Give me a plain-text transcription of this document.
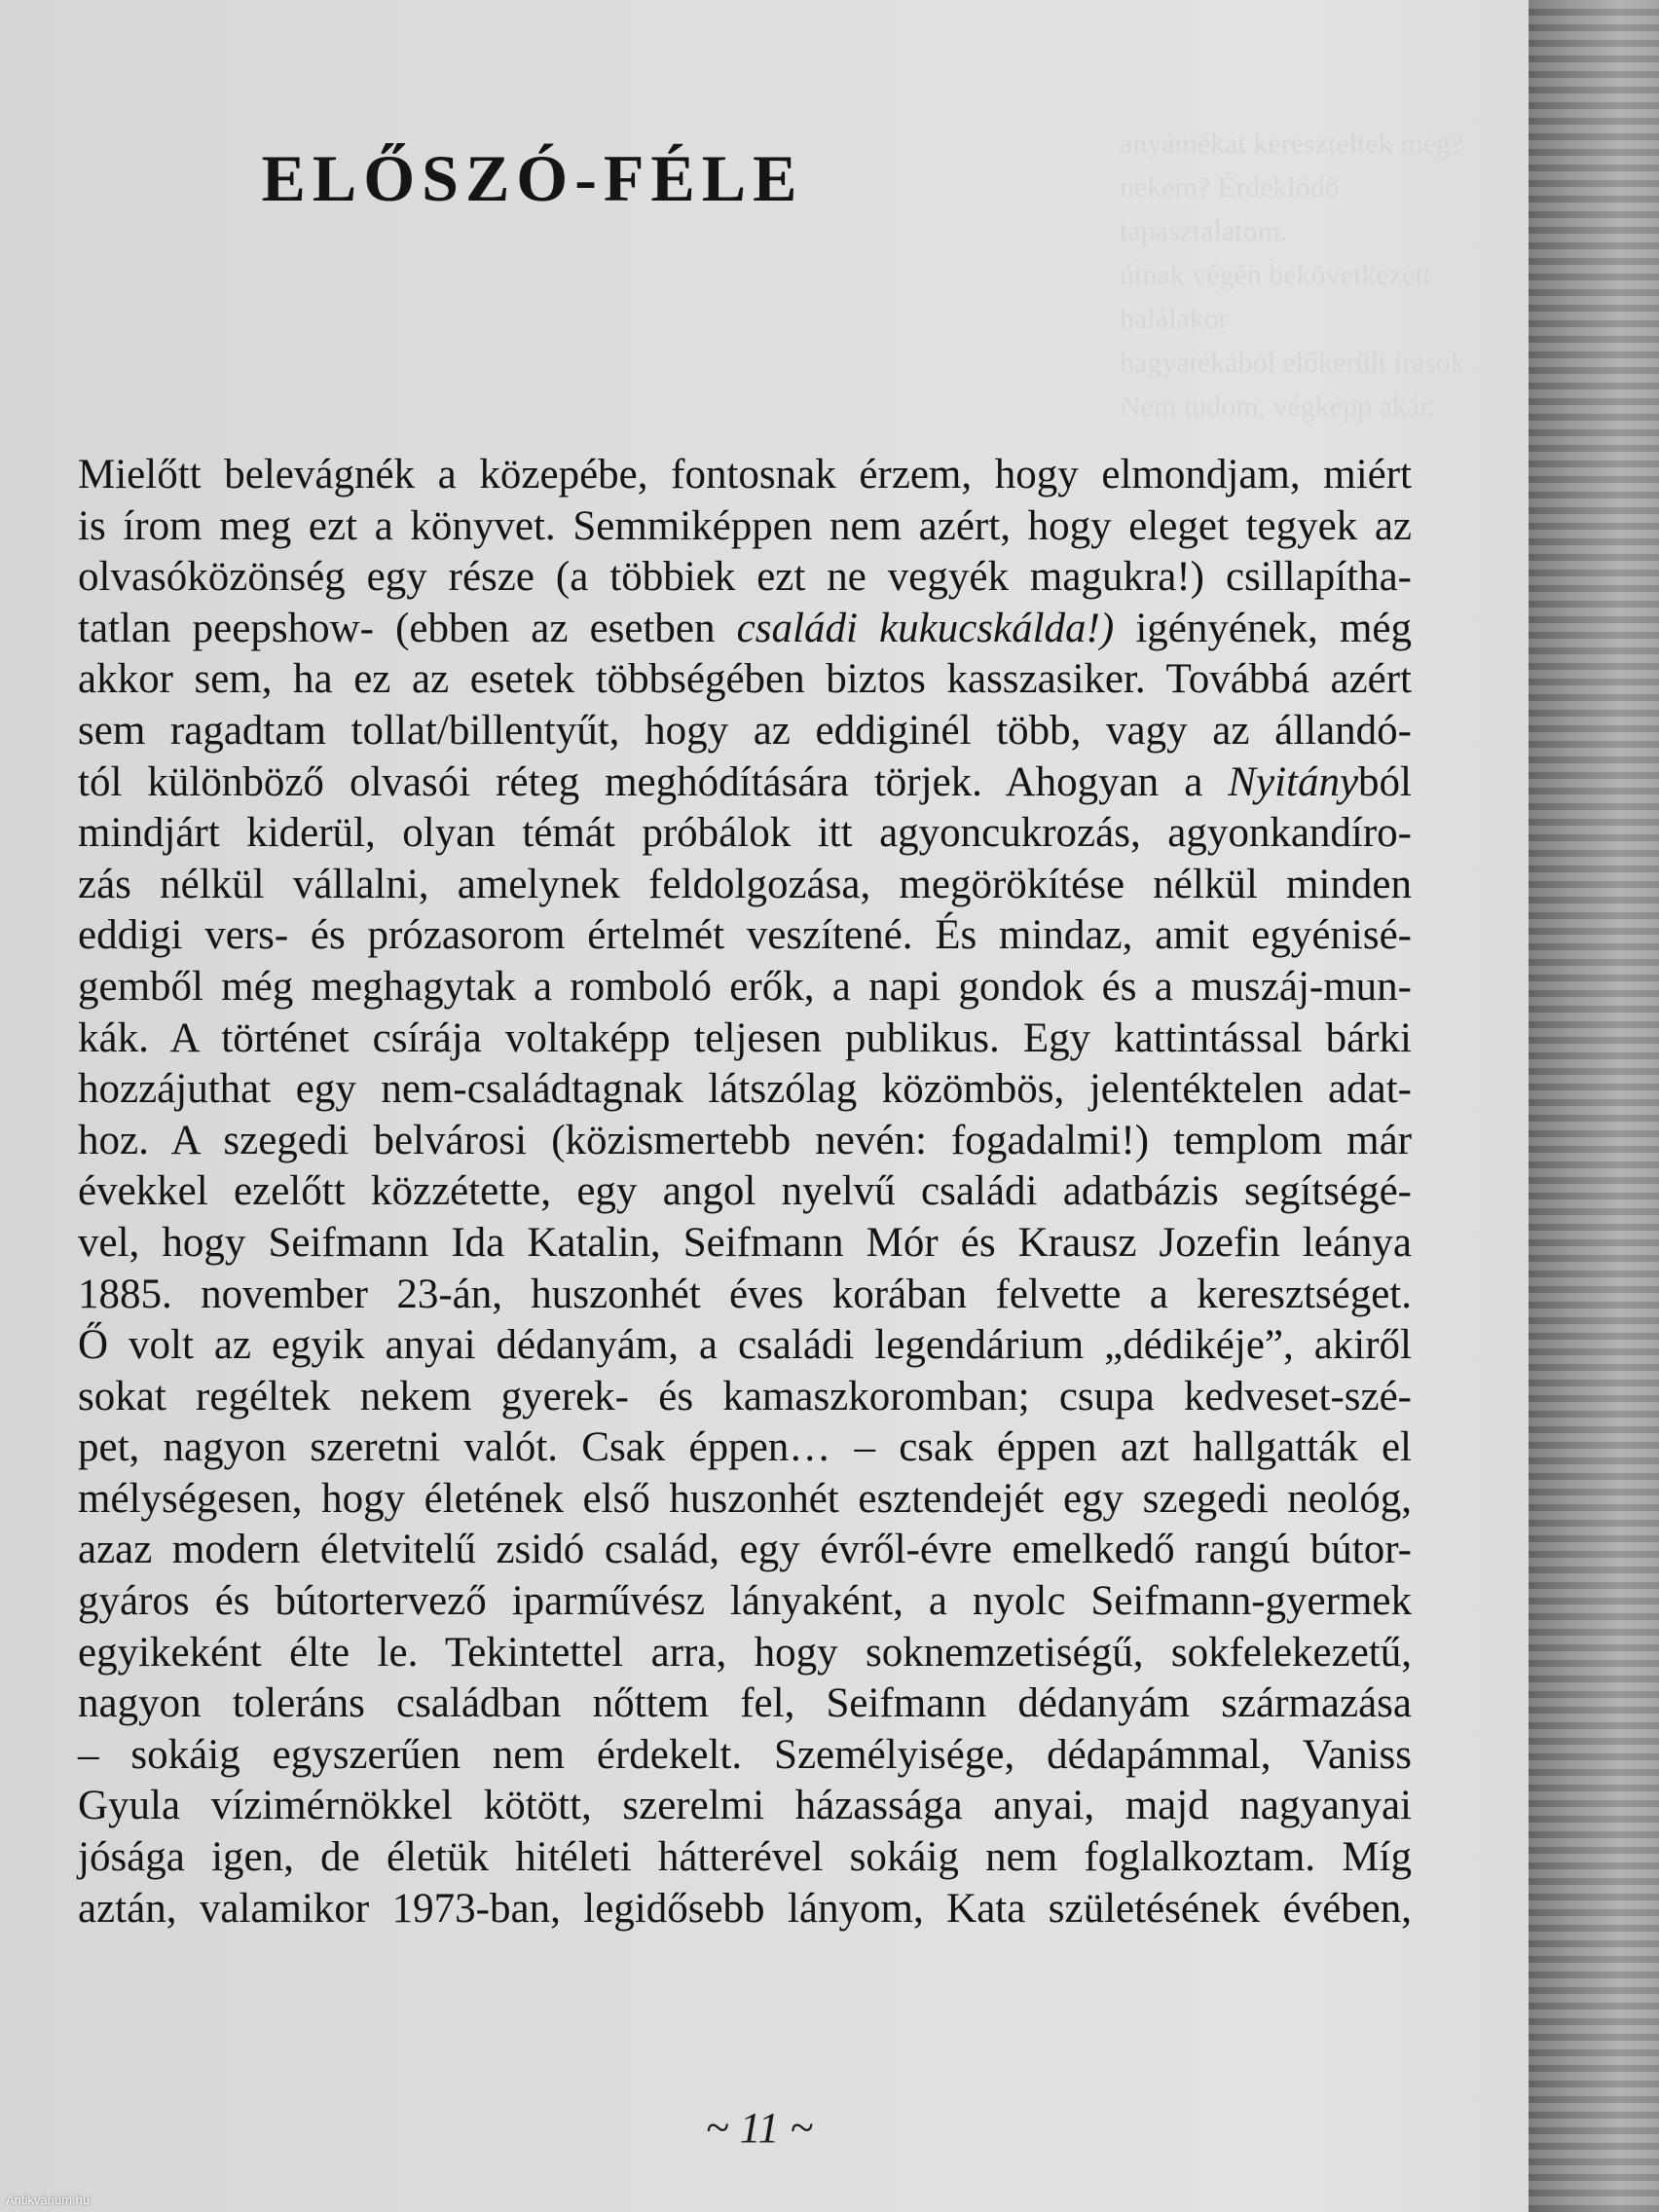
anyámékat kereszteltek meg?
nekem? Érdeklődő tapasztalatom.
útnak végén bekövetkezett halálakor
hagyatékából előkerült írások
Nem tudom, végképp akár.
ELŐSZÓ-FÉLE
Mielőtt belevágnék a közepébe, fontosnak érzem, hogy elmondjam, miért
is írom meg ezt a könyvet. Semmiképpen nem azért, hogy eleget tegyek az
olvasóközönség egy része (a többiek ezt ne vegyék magukra!) csillapítha-
tatlan peepshow- (ebben az esetben családi kukucskálda!) igényének, még
akkor sem, ha ez az esetek többségében biztos kasszasiker. Továbbá azért
sem ragadtam tollat/billentyűt, hogy az eddiginél több, vagy az állandó-
tól különböző olvasói réteg meghódítására törjek. Ahogyan a Nyitányból
mindjárt kiderül, olyan témát próbálok itt agyoncukrozás, agyonkandíro-
zás nélkül vállalni, amelynek feldolgozása, megörökítése nélkül minden
eddigi vers- és prózasorom értelmét veszítené. És mindaz, amit egyénisé-
gemből még meghagytak a romboló erők, a napi gondok és a muszáj-mun-
kák. A történet csírája voltaképp teljesen publikus. Egy kattintással bárki
hozzájuthat egy nem-családtagnak látszólag közömbös, jelentéktelen adat-
hoz. A szegedi belvárosi (közismertebb nevén: fogadalmi!) templom már
évekkel ezelőtt közzétette, egy angol nyelvű családi adatbázis segítségé-
vel, hogy Seifmann Ida Katalin, Seifmann Mór és Krausz Jozefin leánya
1885. november 23-án, huszonhét éves korában felvette a keresztséget.
Ő volt az egyik anyai dédanyám, a családi legendárium „dédikéje”, akiről
sokat regéltek nekem gyerek- és kamaszkoromban; csupa kedveset-szé-
pet, nagyon szeretni valót. Csak éppen… – csak éppen azt hallgatták el
mélységesen, hogy életének első huszonhét esztendejét egy szegedi neológ,
azaz modern életvitelű zsidó család, egy évről-évre emelkedő rangú bútor-
gyáros és bútortervező iparművész lányaként, a nyolc Seifmann-gyermek
egyikeként élte le. Tekintettel arra, hogy soknemzetiségű, sokfelekezetű,
nagyon toleráns családban nőttem fel, Seifmann dédanyám származása
– sokáig egyszerűen nem érdekelt. Személyisége, dédapámmal, Vaniss
Gyula vízimérnökkel kötött, szerelmi házassága anyai, majd nagyanyai
jósága igen, de életük hitéleti hátterével sokáig nem foglalkoztam. Míg
aztán, valamikor 1973-ban, legidősebb lányom, Kata születésének évében,
~ 11 ~
Antikvárium.hu
